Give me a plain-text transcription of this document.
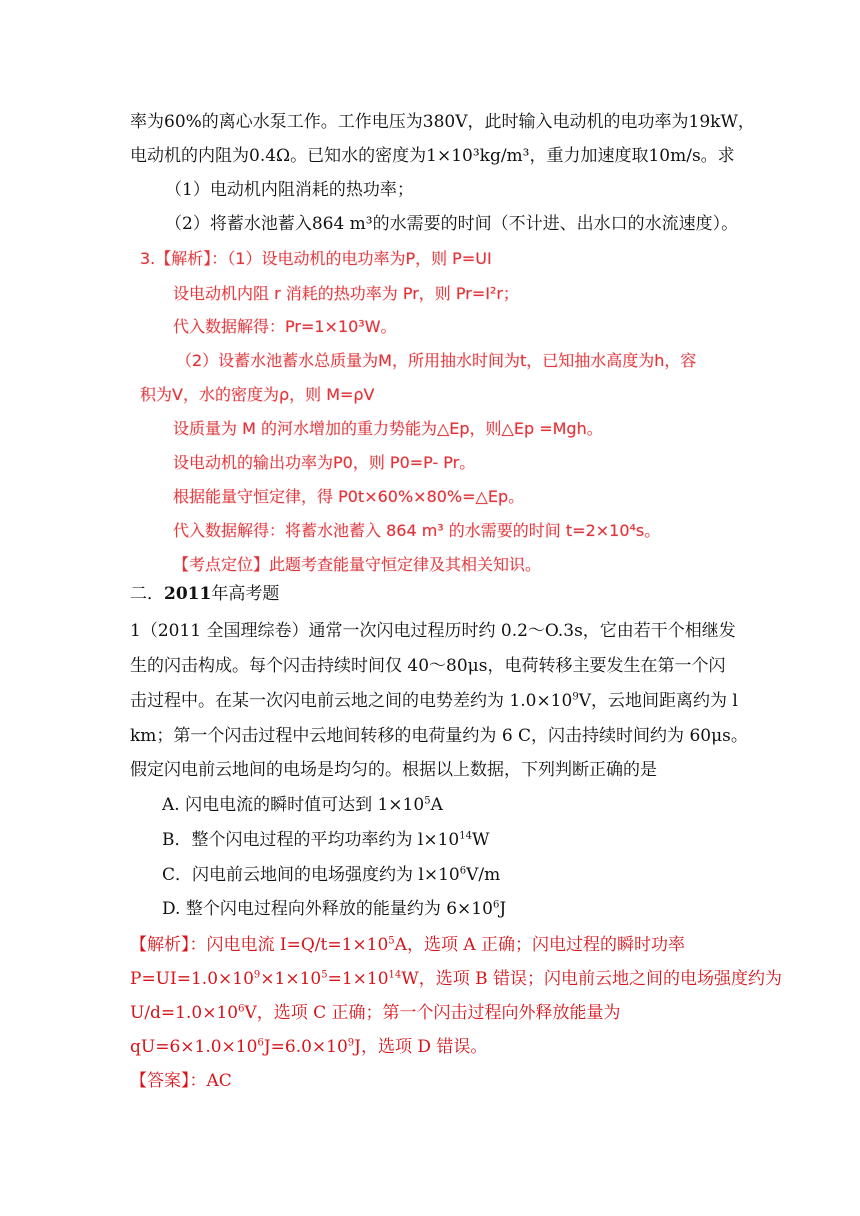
率为60%的离心水泵工作。工作电压为380V，此时输入电动机的电功率为19kW，
电动机的内阻为0.4Ω。已知水的密度为1×10³kg/m³，重力加速度取10m/s。求
（1）电动机内阻消耗的热功率；
（2）将蓄水池蓄入864 m³的水需要的时间（不计进、出水口的水流速度）。
3.【解析】：（1）设电动机的电功率为P，则 P=UI
设电动机内阻 r 消耗的热功率为 Pr，则 Pr=I²r；
代入数据解得：Pr=1×10³W。
（2）设蓄水池蓄水总质量为M，所用抽水时间为t，已知抽水高度为h，容
积为V，水的密度为ρ，则 M=ρV
设质量为 M 的河水增加的重力势能为△Ep，则△Ep =Mgh。
设电动机的输出功率为P0，则 P0=P- Pr。
根据能量守恒定律，得 P0t×60%×80%=△Ep。
代入数据解得：将蓄水池蓄入 864 m³ 的水需要的时间 t=2×10⁴s。
【考点定位】此题考查能量守恒定律及其相关知识。
二．2011年高考题
1（2011 全国理综卷）通常一次闪电过程历时约 0.2～O.3s，它由若干个相继发
生的闪击构成。每个闪击持续时间仅 40～80μs，电荷转移主要发生在第一个闪
击过程中。在某一次闪电前云地之间的电势差约为 $1.0\times 10^9V$，云地间距离约为 l
km；第一个闪击过程中云地间转移的电荷量约为 6 C，闪击持续时间约为 60μs。
假定闪电前云地间的电场是均匀的。根据以上数据，下列判断正确的是
A. 闪电电流的瞬时值可达到 $1\times 10^5A$
B．整个闪电过程的平均功率约为 $l\times 10^{14}W$
C．闪电前云地间的电场强度约为 $l\times 10^6V/m$
D. 整个闪电过程向外释放的能量约为 $6\times 10^6J$
【解析】：闪电电流 $I=Q/t=1\times 10^5A$，选项 A 正确；闪电过程的瞬时功率
$P=UI=1.0\times 10^9\times 1\times 10^5=1\times 10^{14}W$，选项 B 错误；闪电前云地之间的电场强度约为
$U/d=1.0\times 10^6V$，选项 C 正确；第一个闪击过程向外释放能量为
$qU=6\times 1.0\times 10^6J=6.0\times 10^9J$，选项 D 错误。
【答案】：AC
